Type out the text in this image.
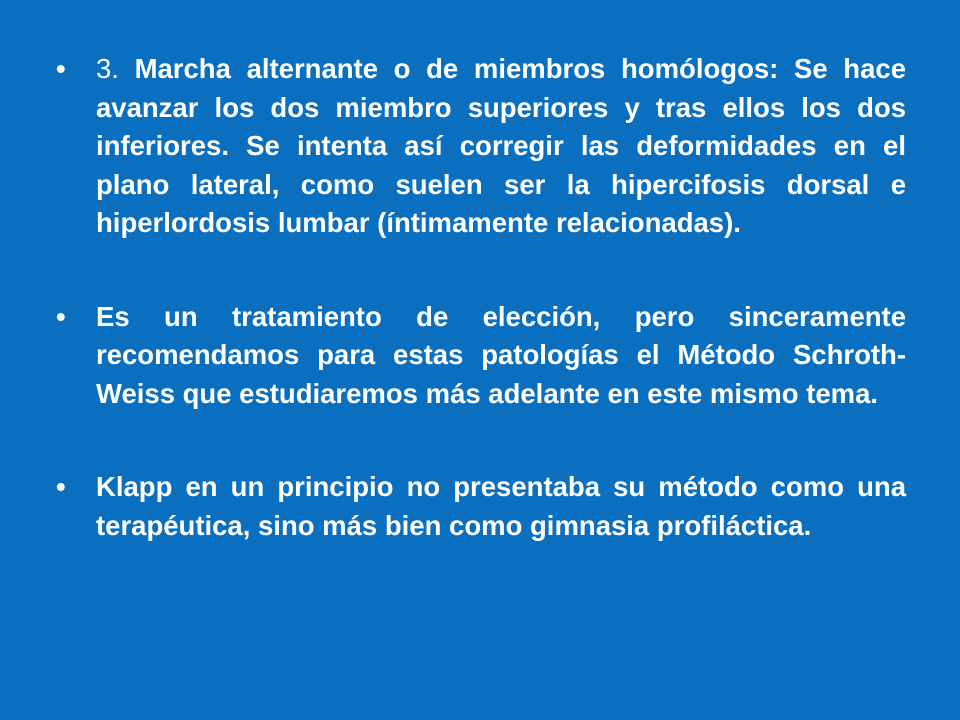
•	3. Marcha alternante o de miembros homólogos: Se hace avanzar los dos miembro superiores y tras ellos los dos inferiores. Se intenta así corregir las deformidades en el plano lateral, como suelen ser la hipercifosis dorsal e hiperlordosis lumbar (íntimamente relacionadas).
•	Es un tratamiento de elección, pero sinceramente recomendamos para estas patologías el Método Schroth-Weiss que estudiaremos más adelante en este mismo tema.
•	Klapp en un principio no presentaba su método como una terapéutica, sino más bien como gimnasia profiláctica.
